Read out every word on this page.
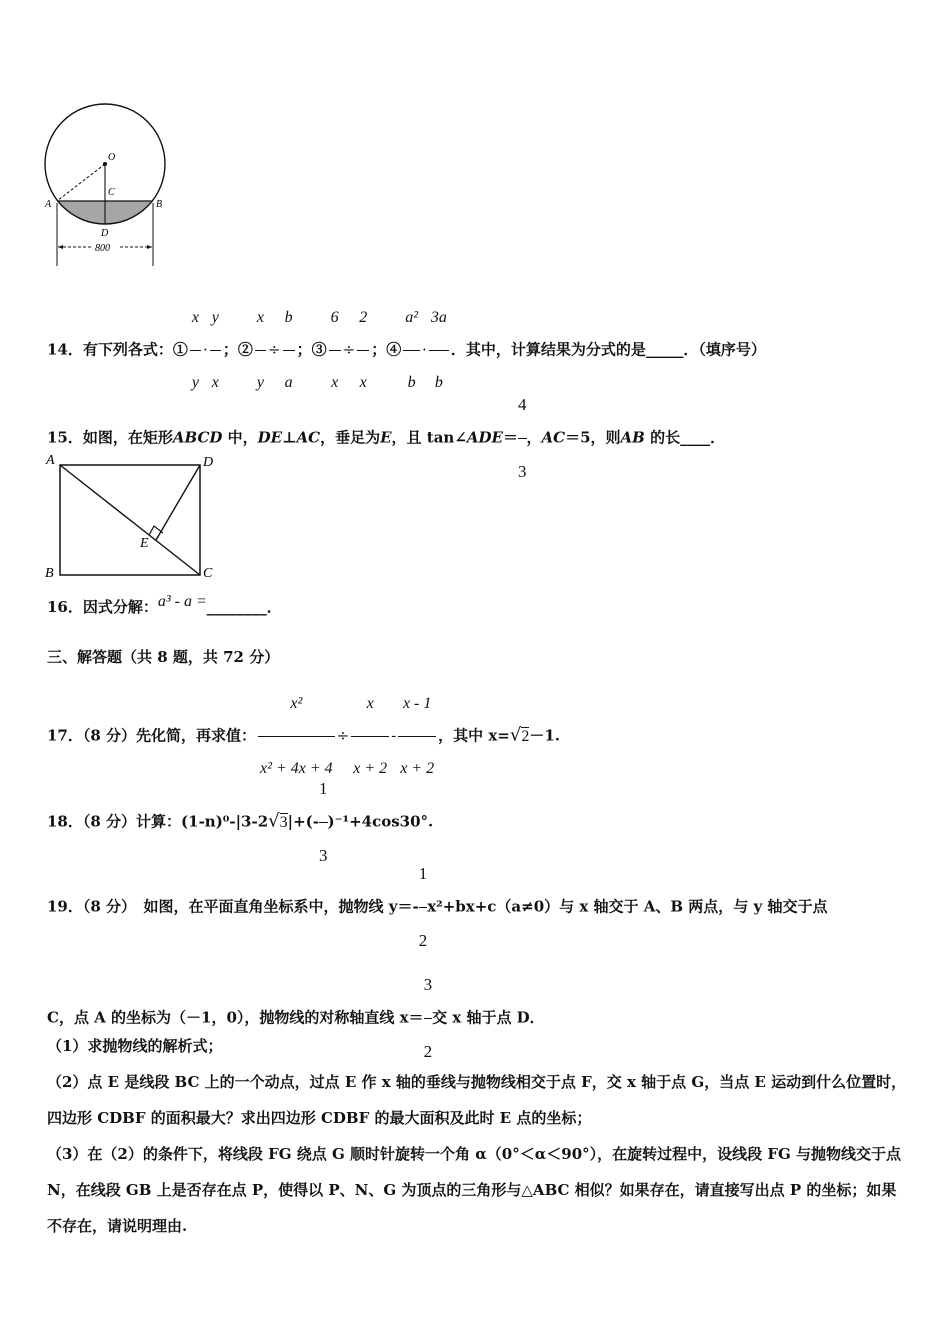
O
C
A	B
D
800
14．有下列各式：① $\frac{x}{y} \cdot \frac{y}{x}$ ；② $\frac{x}{y} \div \frac{b}{a}$ ；③ $\frac{6}{x} \div \frac{2}{x}$ ；④ $\frac{\text{a²}}{b} \cdot \frac{3a}{b}$ ．其中，计算结果为分式的是_____．（填序号）
15．如图，在矩形ABCD 中，DE⊥AC，垂足为E，且 tan∠ADE＝ $\frac{4}{3}$ ，AC＝5，则AB 的长____．
A	D
E
B	C
16．因式分解：a³ - a =________．
三、解答题（共 8 题，共 72 分）
17．（8 分）先化简，再求值： $\frac{\text{x²}}{\text{x² + 4x + 4}} \div \frac{x}{x + 2} - \frac{x - 1}{x + 2}$ ，其中 x=√2－1.
18．（8 分）计算：$(1-n)^0-|3-2√3|+(- \frac{1}{3} )^{-1}+4\cos 30^\circ$.
19．（8 分）　如图，在平面直角坐标系中，抛物线 $y=- \frac{1}{2} x^2+bx+c(a\ne 0)$与 x 轴交于 A、B 两点，与 y 轴交于点
C，点 A 的坐标为（－1，0），抛物线的对称轴直线 $x= \frac{3}{2}$ 交 x 轴于点 D．
（1）求抛物线的解析式；
（2）点 E 是线段 BC 上的一个动点，过点 E 作 x 轴的垂线与抛物线相交于点 F，交 x 轴于点 G，当点 E 运动到什么位置时，四边形 CDBF 的面积最大？求出四边形 CDBF 的最大面积及此时 E 点的坐标；
（3）在（2）的条件下，将线段 FG 绕点 G 顺时针旋转一个角 α（0°＜α＜90°），在旋转过程中，设线段 FG 与抛物线交于点 N，在线段 GB 上是否存在点 P，使得以 P、N、G 为顶点的三角形与△ABC 相似？如果存在，请直接写出点 P 的坐标；如果不存在，请说明理由.
